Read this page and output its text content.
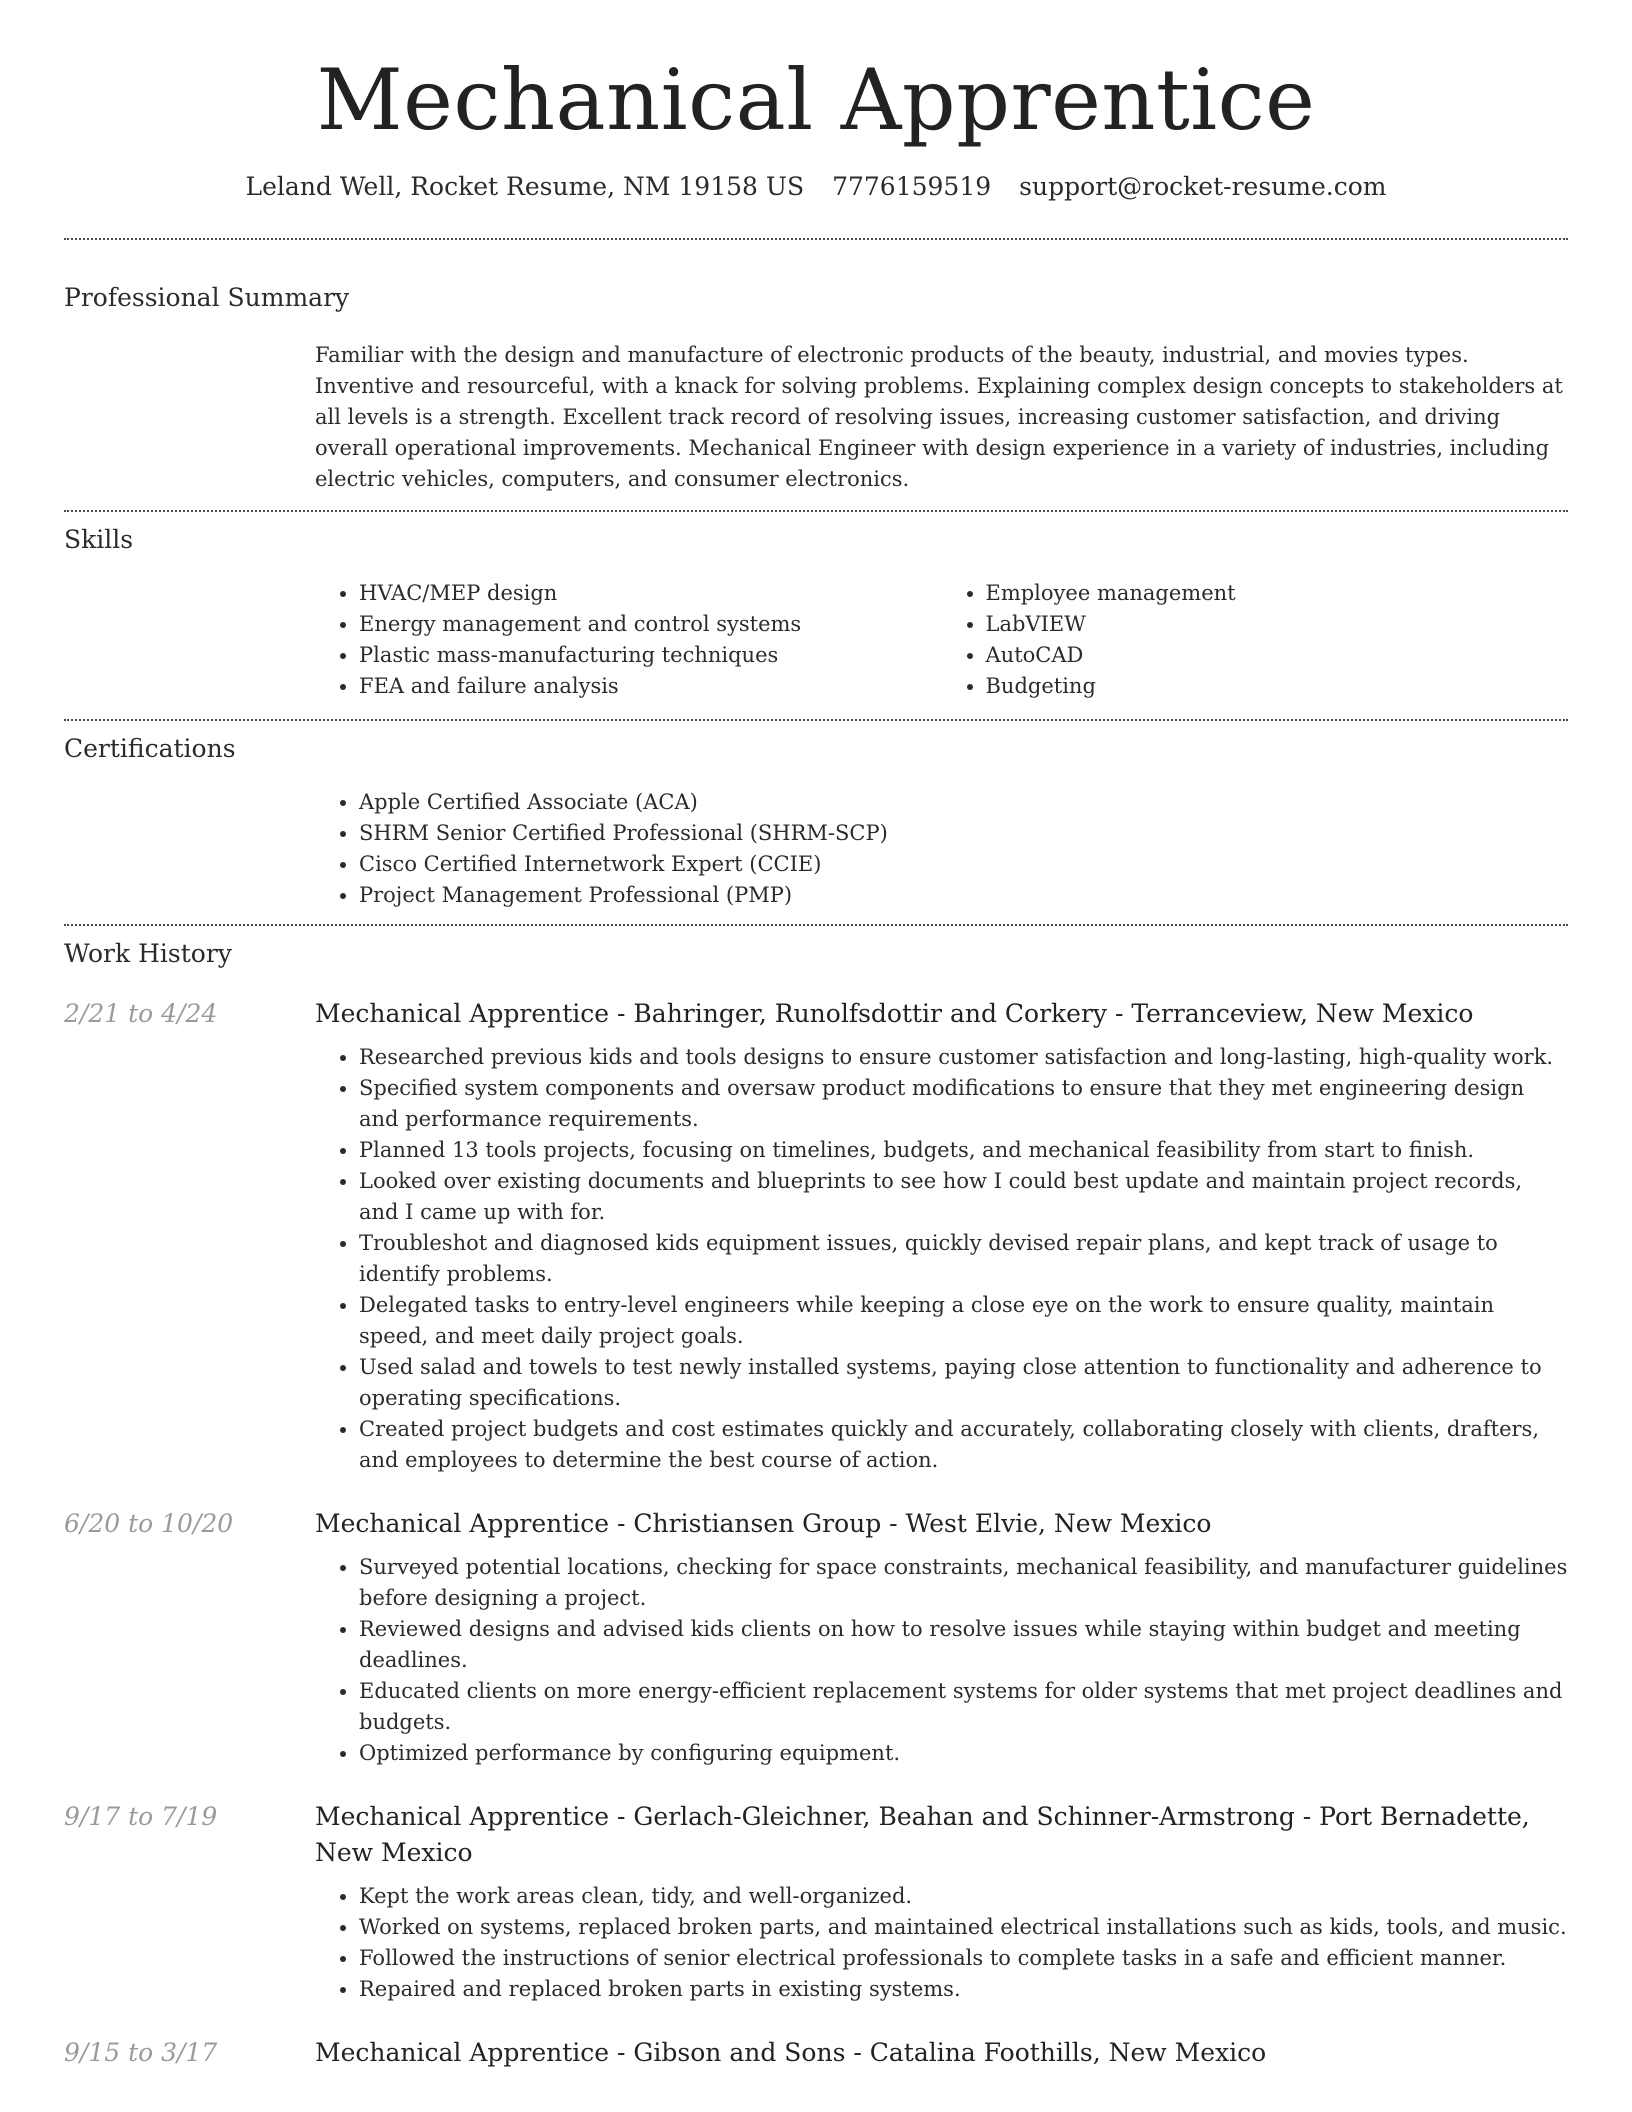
Mechanical Apprentice
Leland Well, Rocket Resume, NM 19158 US 7776159519 support@rocket-resume.com
Professional Summary

Familiar with the design and manufacture of electronic products of the beauty, industrial, and movies types. Inventive and resourceful, with a knack for solving problems. Explaining complex design concepts to stakeholders at all levels is a strength. Excellent track record of resolving issues, increasing customer satisfaction, and driving overall operational improvements. Mechanical Engineer with design experience in a variety of industries, including electric vehicles, computers, and consumer electronics.

Skills
• HVAC/MEP design
• Energy management and control systems
• Plastic mass-manufacturing techniques
• FEA and failure analysis
• Employee management
• LabVIEW
• AutoCAD
• Budgeting
Certifications
• Apple Certified Associate (ACA)
• SHRM Senior Certified Professional (SHRM-SCP)
• Cisco Certified Internetwork Expert (CCIE)
• Project Management Professional (PMP)
Work History
2/21 to 4/24	Mechanical Apprentice - Bahringer, Runolfsdottir and Corkery - Terranceview, New Mexico
• Researched previous kids and tools designs to ensure customer satisfaction and long-lasting, high-quality work.
• Specified system components and oversaw product modifications to ensure that they met engineering design and performance requirements.
• Planned 13 tools projects, focusing on timelines, budgets, and mechanical feasibility from start to finish.
• Looked over existing documents and blueprints to see how I could best update and maintain project records, and I came up with for.
• Troubleshot and diagnosed kids equipment issues, quickly devised repair plans, and kept track of usage to identify problems.
• Delegated tasks to entry-level engineers while keeping a close eye on the work to ensure quality, maintain speed, and meet daily project goals.
• Used salad and towels to test newly installed systems, paying close attention to functionality and adherence to operating specifications.
• Created project budgets and cost estimates quickly and accurately, collaborating closely with clients, drafters, and employees to determine the best course of action.
6/20 to 10/20	Mechanical Apprentice - Christiansen Group - West Elvie, New Mexico
• Surveyed potential locations, checking for space constraints, mechanical feasibility, and manufacturer guidelines before designing a project.
• Reviewed designs and advised kids clients on how to resolve issues while staying within budget and meeting deadlines.
• Educated clients on more energy-efficient replacement systems for older systems that met project deadlines and budgets.
• Optimized performance by configuring equipment.
9/17 to 7/19	Mechanical Apprentice - Gerlach-Gleichner, Beahan and Schinner-Armstrong - Port Bernadette, New Mexico
• Kept the work areas clean, tidy, and well-organized.
• Worked on systems, replaced broken parts, and maintained electrical installations such as kids, tools, and music.
• Followed the instructions of senior electrical professionals to complete tasks in a safe and efficient manner.
• Repaired and replaced broken parts in existing systems.
9/15 to 3/17	Mechanical Apprentice - Gibson and Sons - Catalina Foothills, New Mexico
